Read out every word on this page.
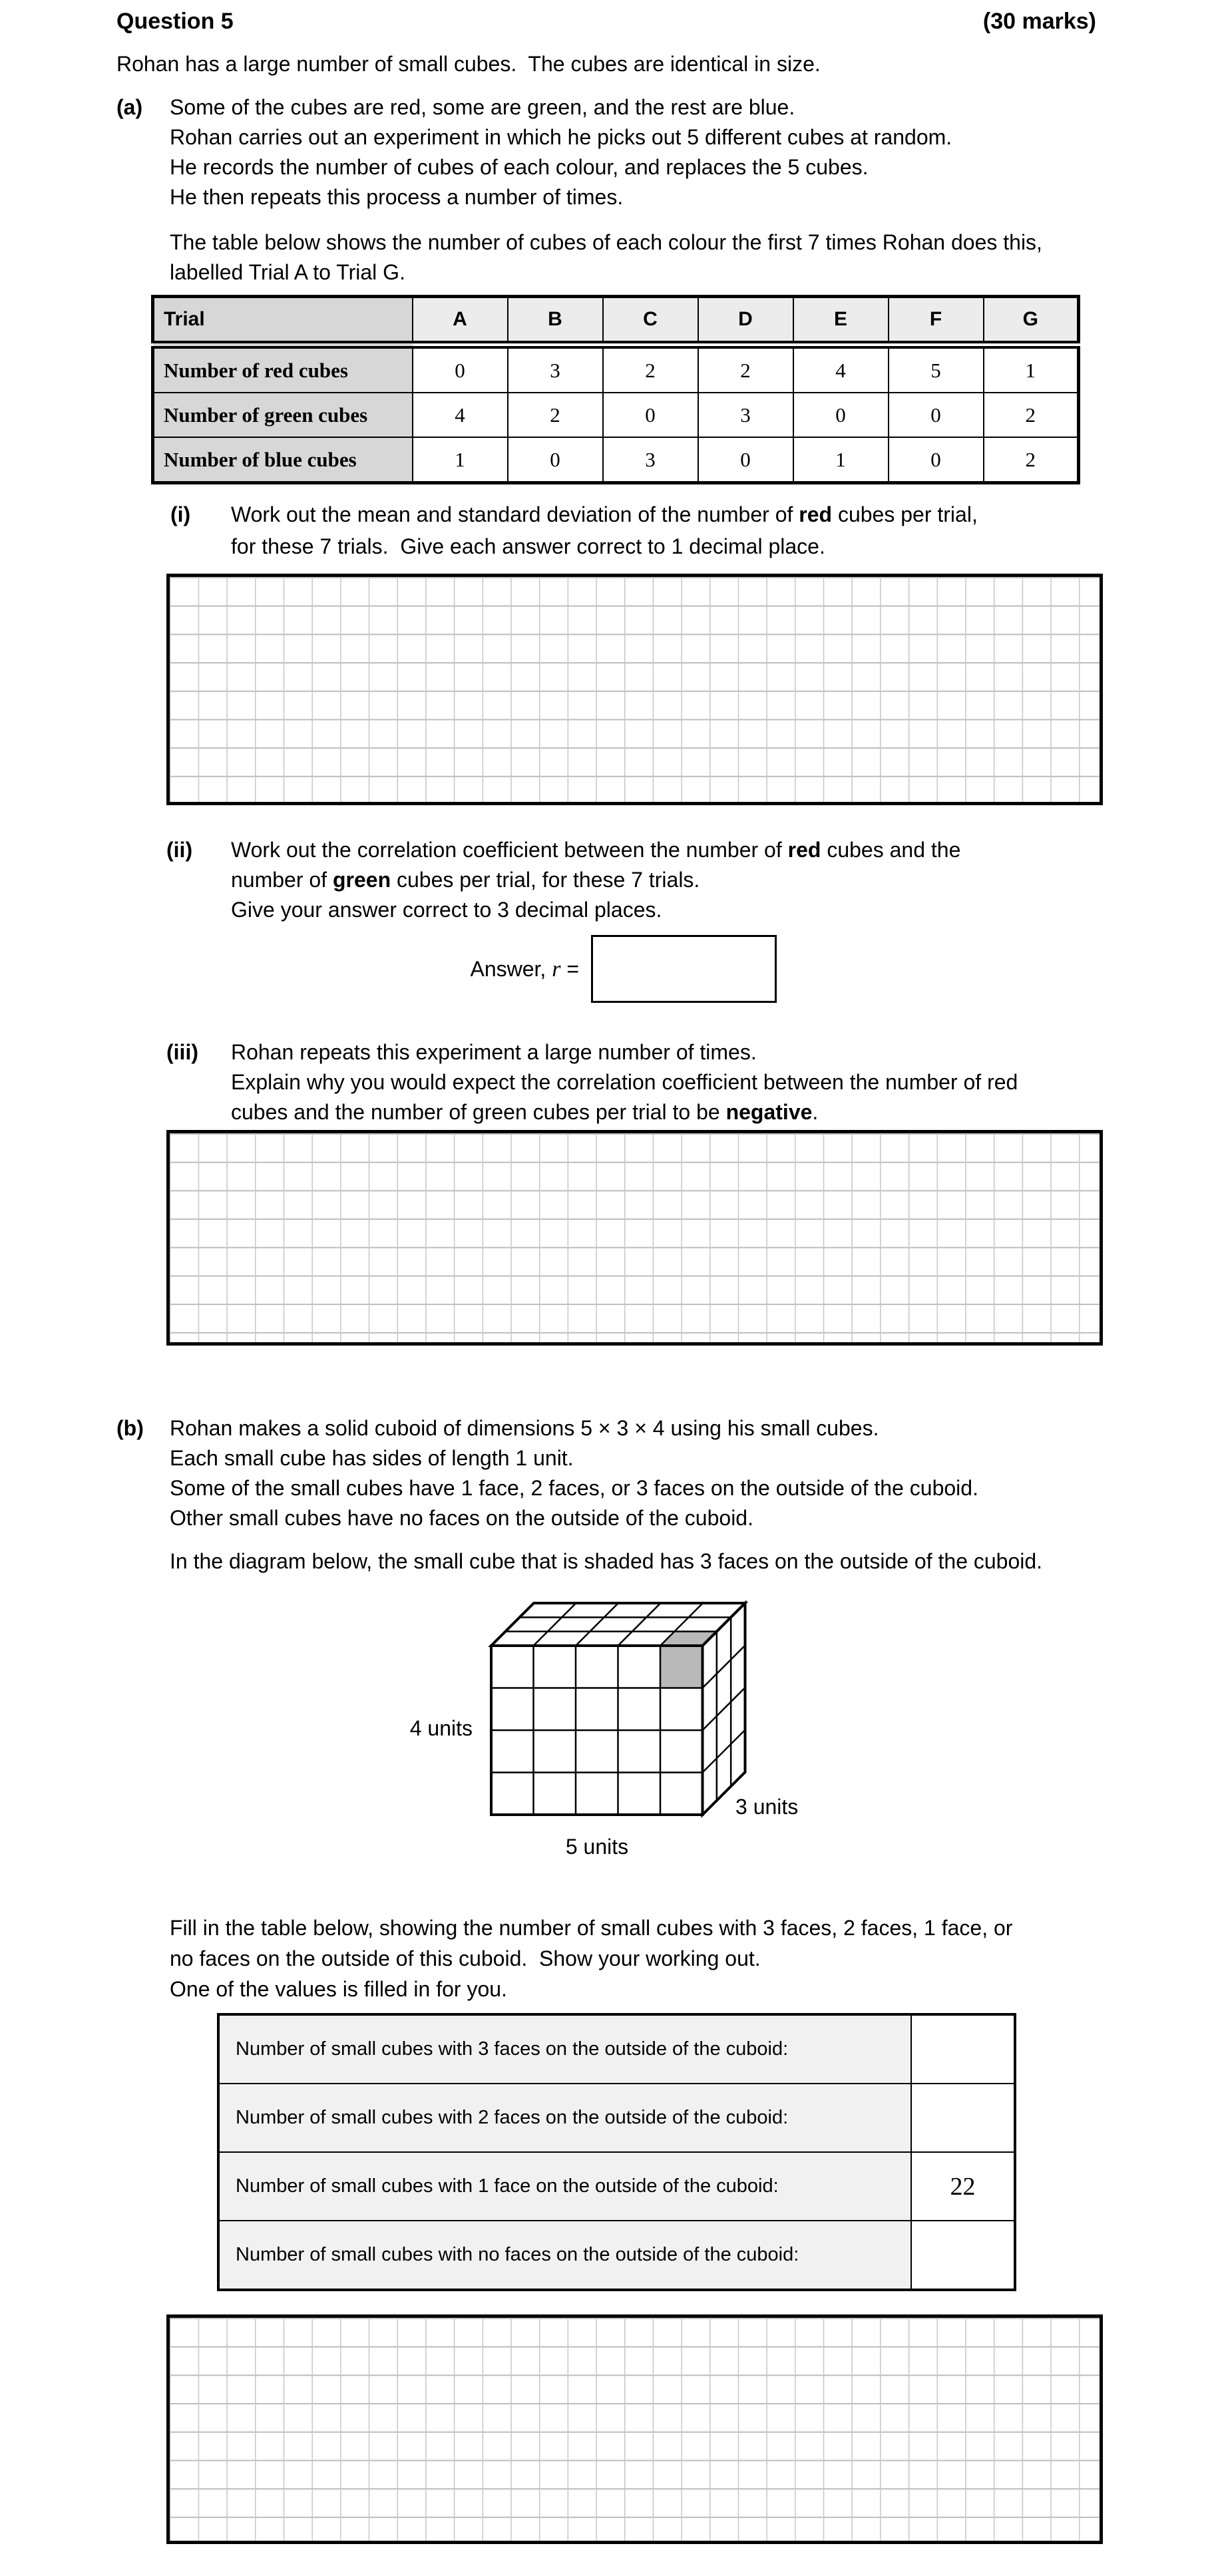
Question 5	(30 marks)
Rohan has a large number of small cubes.  The cubes are identical in size.
(a) Some of the cubes are red, some are green, and the rest are blue.
Rohan carries out an experiment in which he picks out 5 different cubes at random.
He records the number of cubes of each colour, and replaces the 5 cubes.
He then repeats this process a number of times.
The table below shows the number of cubes of each colour the first 7 times Rohan does this,
labelled Trial A to Trial G.
Trial	A	B	C	D	E	F	G
Number of red cubes	0	3	2	2	4	5	1
Number of green cubes	4	2	0	3	0	0	2
Number of blue cubes	1	0	3	0	1	0	2
(i) Work out the mean and standard deviation of the number of red cubes per trial,
for these 7 trials.  Give each answer correct to 1 decimal place.
(ii) Work out the correlation coefficient between the number of red cubes and the
number of green cubes per trial, for these 7 trials.
Give your answer correct to 3 decimal places.
Answer, r =
(iii) Rohan repeats this experiment a large number of times.
Explain why you would expect the correlation coefficient between the number of red
cubes and the number of green cubes per trial to be negative.
(b) Rohan makes a solid cuboid of dimensions 5 × 3 × 4 using his small cubes.
Each small cube has sides of length 1 unit.
Some of the small cubes have 1 face, 2 faces, or 3 faces on the outside of the cuboid.
Other small cubes have no faces on the outside of the cuboid.
In the diagram below, the small cube that is shaded has 3 faces on the outside of the cuboid.
4 units
5 units
3 units
Fill in the table below, showing the number of small cubes with 3 faces, 2 faces, 1 face, or
no faces on the outside of this cuboid.  Show your working out.
One of the values is filled in for you.
Number of small cubes with 3 faces on the outside of the cuboid:	
Number of small cubes with 2 faces on the outside of the cuboid:	
Number of small cubes with 1 face on the outside of the cuboid:	22
Number of small cubes with no faces on the outside of the cuboid:	
